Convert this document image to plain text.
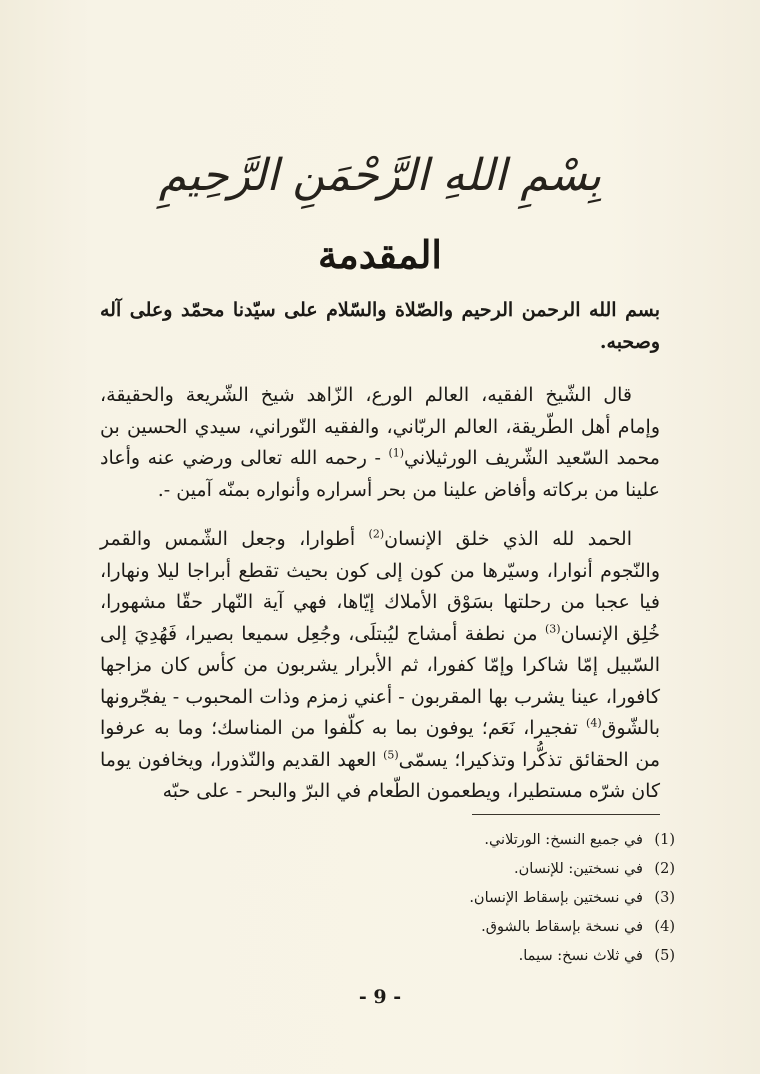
بِسْمِ اللهِ الرَّحْمَنِ الرَّحِيمِ
المقدمة

بسم الله الرحمن الرحيم والصّلاة والسّلام على سيّدنا محمّد وعلى آله وصحبه.

قال الشّيخ الفقيه، العالم الورع، الزّاهد شيخ الشّريعة والحقيقة، وإمام أهل الطّريقة، العالم الربّاني، والفقيه النّوراني، سيدي الحسين بن محمد السّعيد الشّريف الورثيلاني$^{(1)}$ - رحمه الله تعالى ورضي عنه وأعاد علينا من بركاته وأفاض علينا من بحر أسراره وأنواره بمنّه آمين -.

الحمد لله الذي خلق الإنسان$^{(2)}$ أطوارا، وجعل الشّمس والقمر والنّجوم أنوارا، وسيّرها من كون إلى كون بحيث تقطع أبراجا ليلا ونهارا، فيا عجبا من رحلتها بسَوْق الأملاك إيّاها، فهي آية النّهار حقّا مشهورا، خُلِق الإنسان$^{(3)}$ من نطفة أمشاج ليُبتلَى، وجُعِل سميعا بصيرا، فَهُدِيَ إلى السّبيل إمّا شاكرا وإمّا كفورا، ثم الأبرار يشربون من كأس كان مزاجها كافورا، عينا يشرب بها المقربون - أعني زمزم وذات المحبوب - يفجّرونها بالشّوق$^{(4)}$ تفجيرا، نَعَم؛ يوفون بما به كلّفوا من المناسك؛ وما به عرفوا من الحقائق تذكُّرا وتذكيرا؛ يسمّى$^{(5)}$ العهد القديم والنّذورا، ويخافون يوما كان شرّه مستطيرا، ويطعمون الطّعام في البرّ والبحر - على حبّه

(1)
في جميع النسخ: الورتلاني.
(2)
في نسختين: للإنسان.
(3)
في نسختين بإسقاط الإنسان.
(4)
في نسخة بإسقاط بالشوق.
(5)
في ثلاث نسخ: سيما.
- 9 -
